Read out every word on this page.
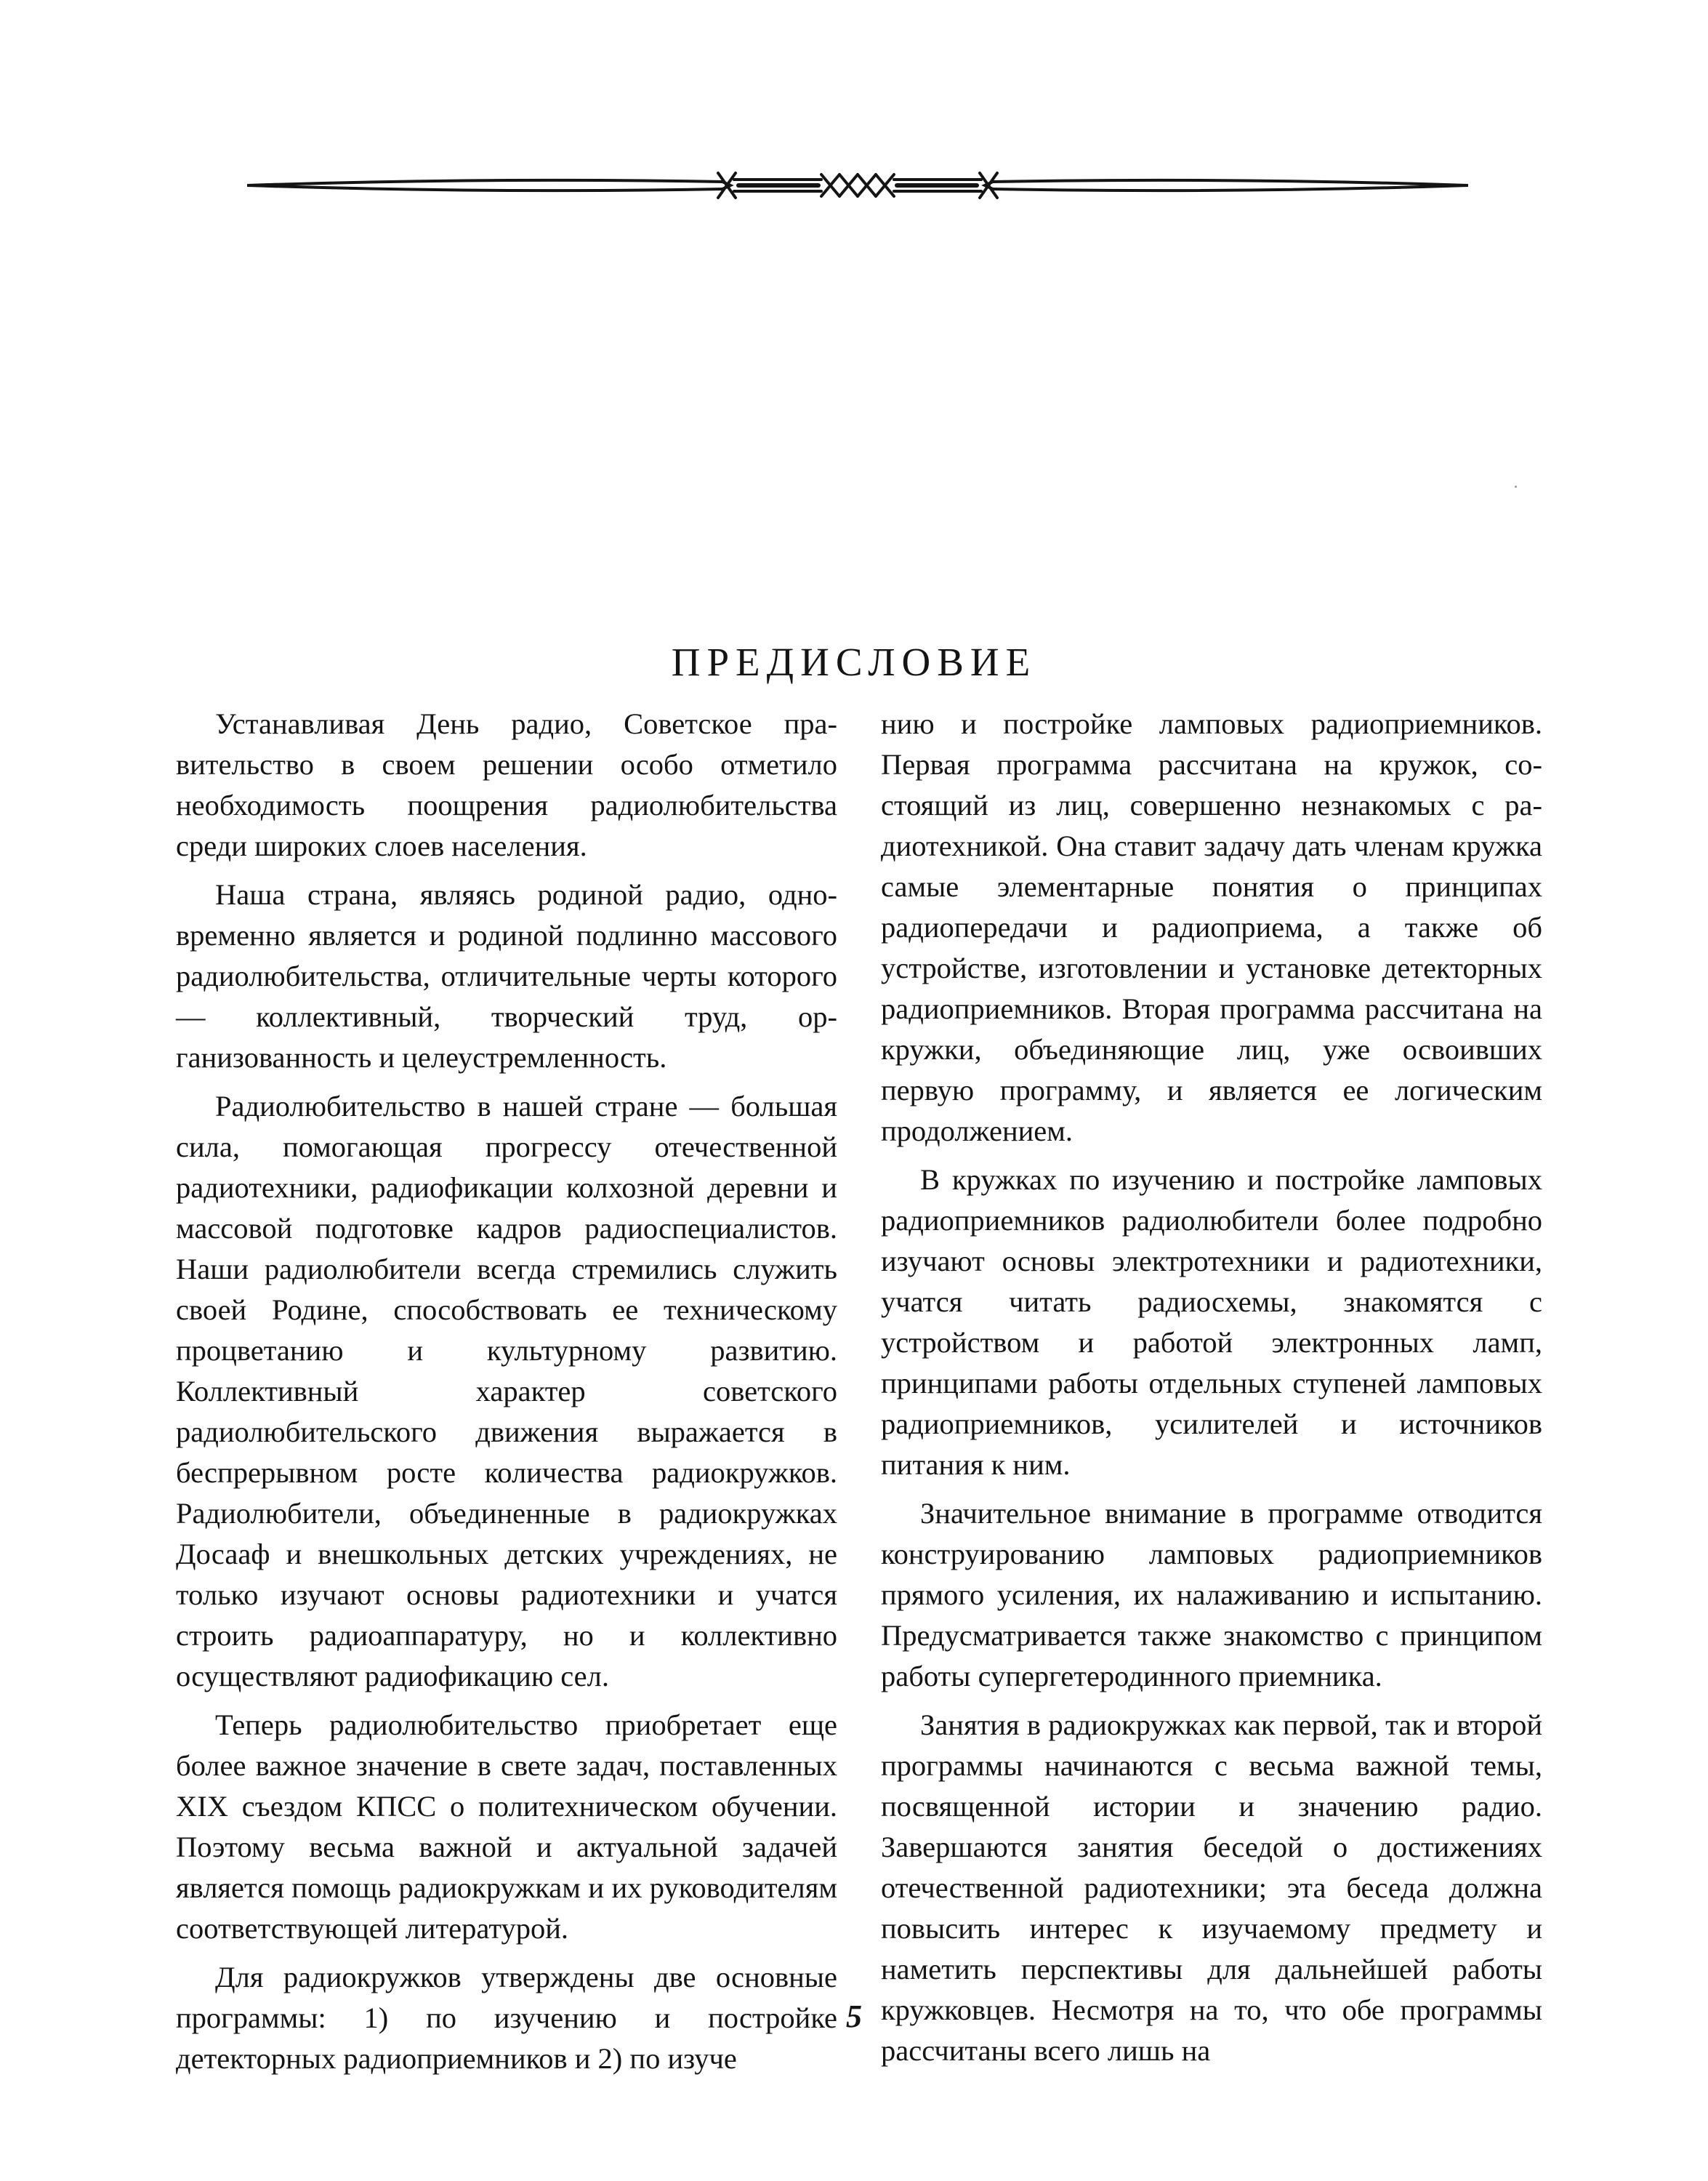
ПРЕДИСЛОВИЕ

Устанавливая День радио, Советское правительство в своем решении особо отметило необходимость поощрения радиолюбительства среди широких слоев населения.

Наша страна, являясь родиной радио, одновременно является и родиной подлинно массового радиолюбительства, отличительные черты которого — коллективный, творческий труд, организованность и целеустремленность.

Радиолюбительство в нашей стране — большая сила, помогающая прогрессу отечественной радиотехники, радиофикации колхозной деревни и массовой подготовке кадров радиоспециалистов. Наши радиолюбители всегда стремились служить своей Родине, способствовать ее техническому процветанию и культурному развитию. Коллективный характер советского радиолюбительского движения выражается в беспрерывном росте количества радиокружков. Радиолюбители, объединенные в радиокружках Досааф и внешкольных детских учреждениях, не только изучают основы радиотехники и учатся строить радиоаппаратуру, но и коллективно осуществляют радиофикацию сел.

Теперь радиолюбительство приобретает еще более важное значение в свете задач, поставленных XIX съездом КПСС о политехническом обучении. Поэтому весьма важной и актуальной задачей является помощь радиокружкам и их руководителям соответствующей литературой.

Для радиокружков утверждены две основные программы: 1) по изучению и постройке детекторных радиоприемников и 2) по изуче

нию и постройке ламповых радиоприемников. Первая программа рассчитана на кружок, состоящий из лиц, совершенно незнакомых с радиотехникой. Она ставит задачу дать членам кружка самые элементарные понятия о принципах радиопередачи и радиоприема, а также об устройстве, изготовлении и установке детекторных радиоприемников. Вторая программа рассчитана на кружки, объединяющие лиц, уже освоивших первую программу, и является ее логическим продолжением.

В кружках по изучению и постройке ламповых радиоприемников радиолюбители более подробно изучают основы электротехники и радиотехники, учатся читать радиосхемы, знакомятся с устройством и работой электронных ламп, принципами работы отдельных ступеней ламповых радиоприемников, усилителей и источников питания к ним.

Значительное внимание в программе отводится конструированию ламповых радиоприемников прямого усиления, их налаживанию и испытанию. Предусматривается также знакомство с принципом работы супергетеродинного приемника.

Занятия в радиокружках как первой, так и второй программы начинаются с весьма важной темы, посвященной истории и значению радио. Завершаются занятия беседой о достижениях отечественной радиотехники; эта беседа должна повысить интерес к изучаемому предмету и наметить перспективы для дальнейшей работы кружковцев. Несмотря на то, что обе программы рассчитаны всего лишь на

5
